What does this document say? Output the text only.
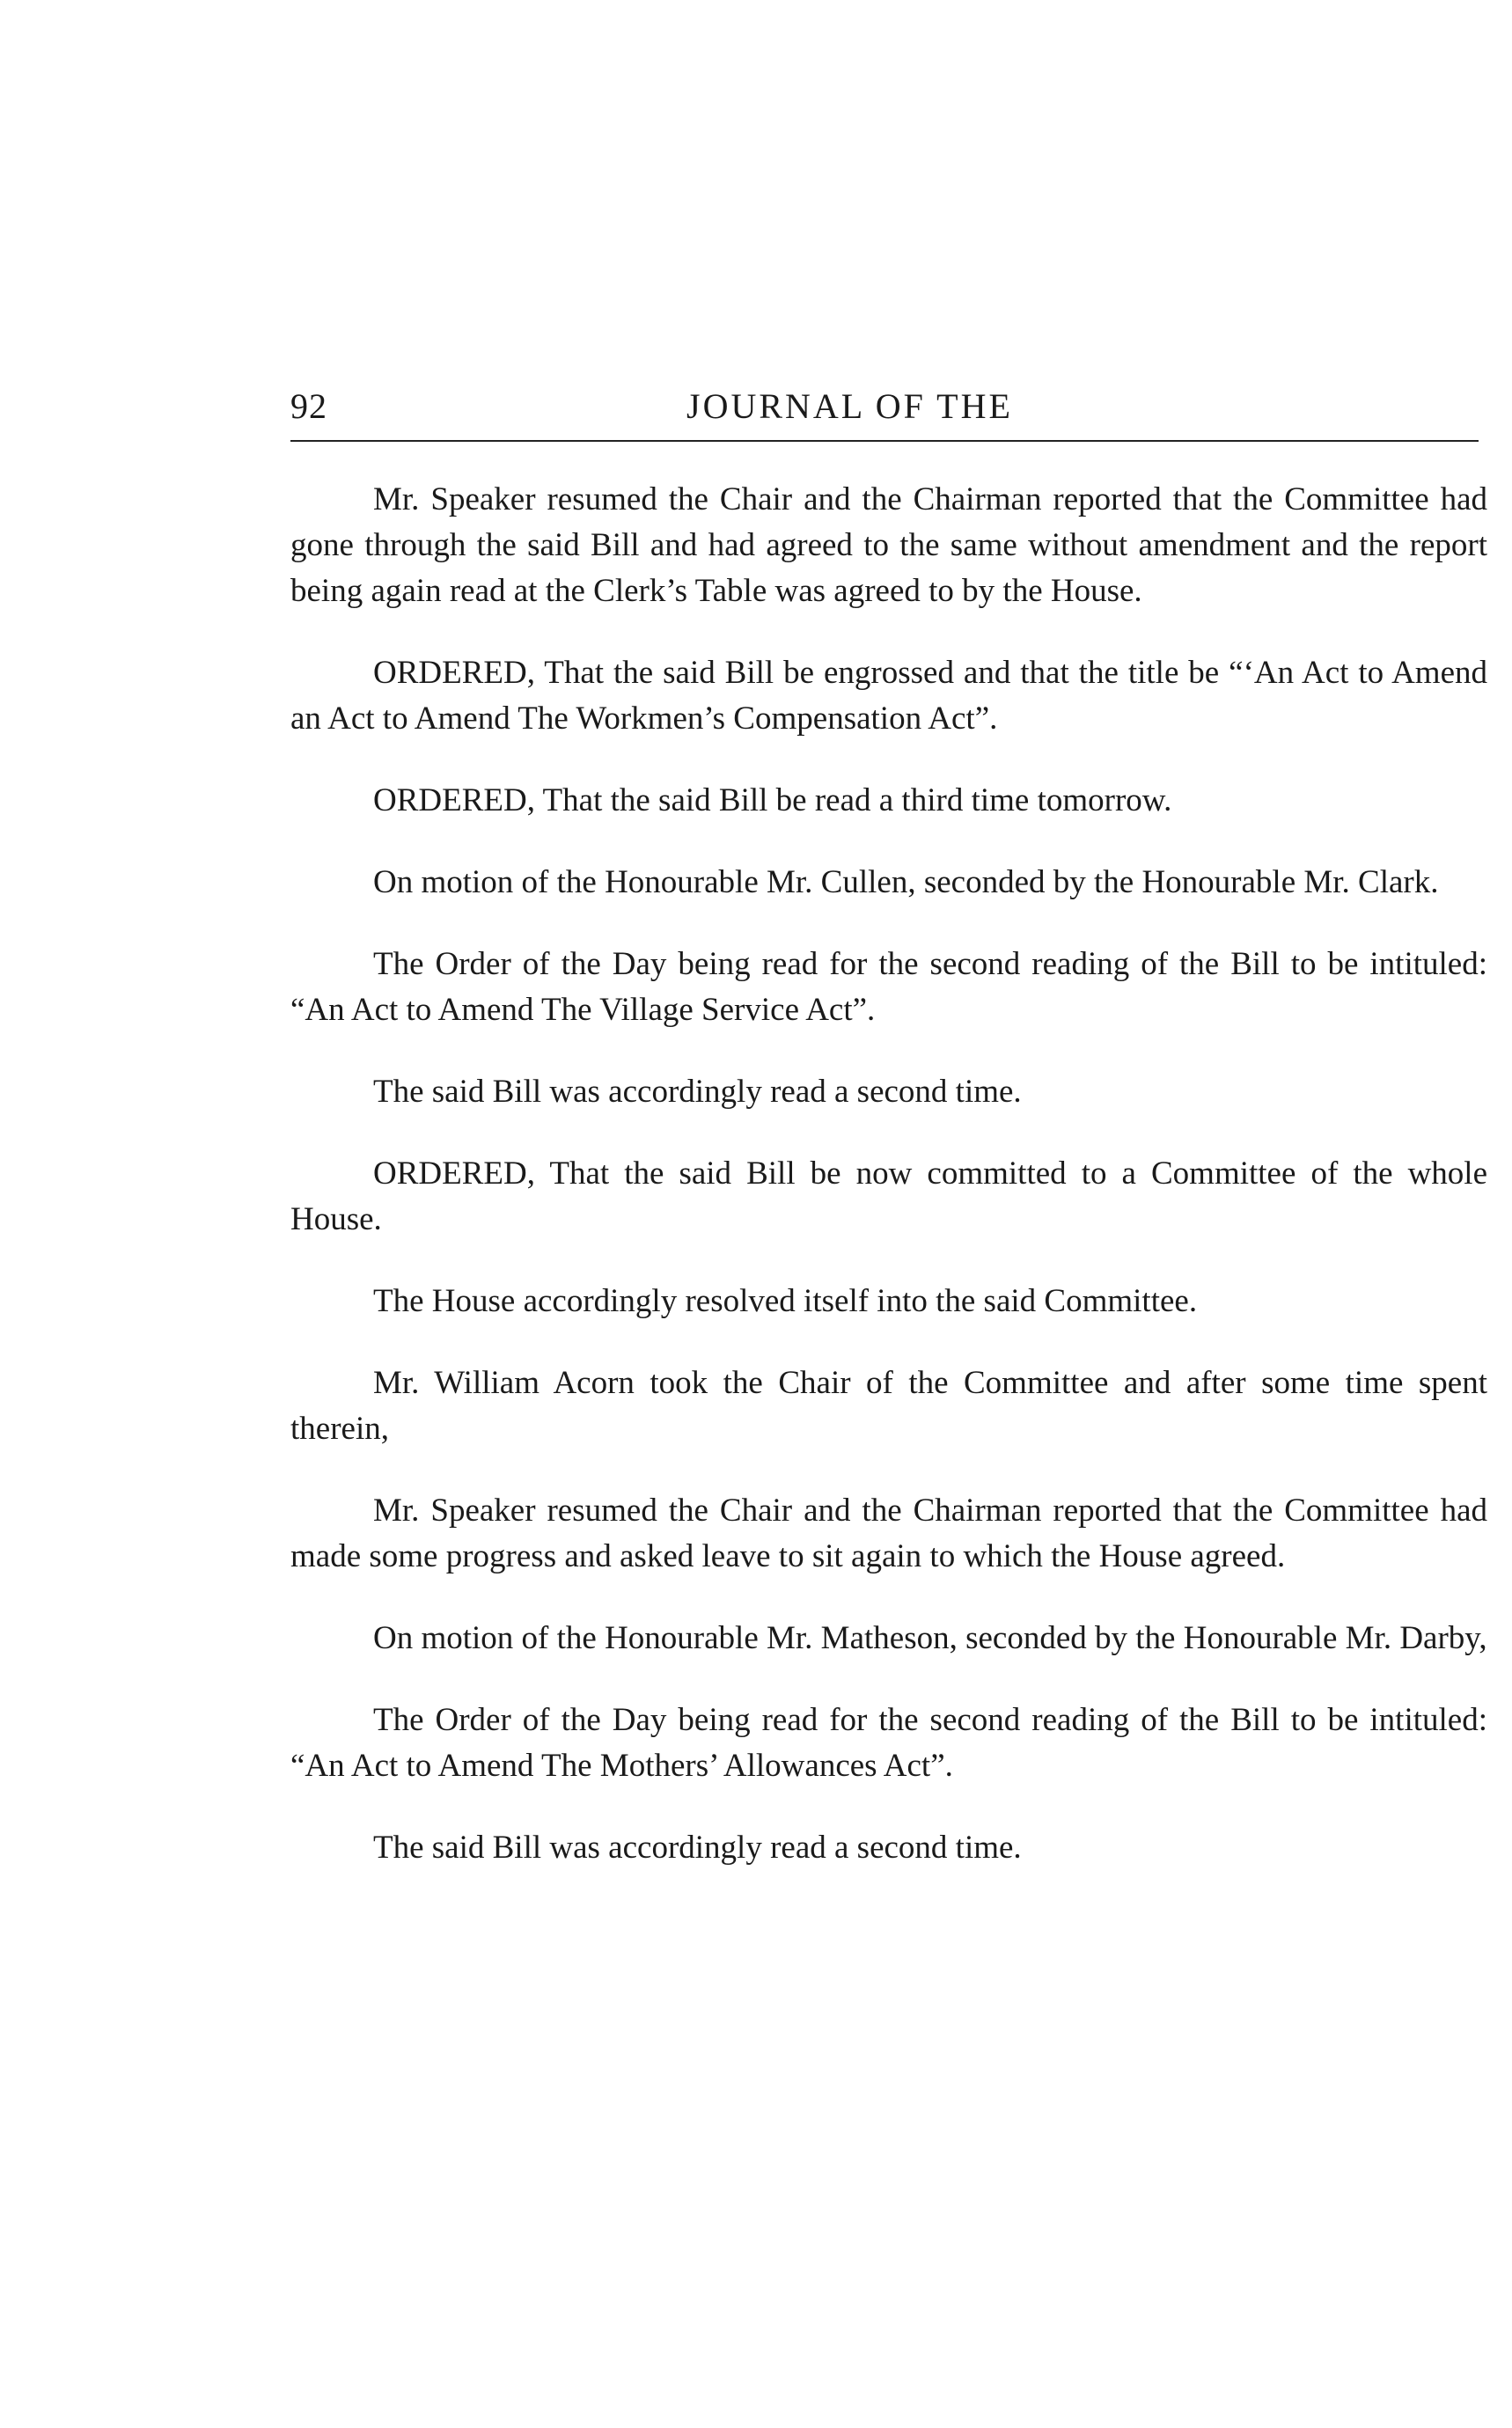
92	JOURNAL OF THE

Mr. Speaker resumed the Chair and the Chairman reported that the Committee had gone through the said Bill and had agreed to the same without amendment and the report being again read at the Clerk’s Table was agreed to by the House.

ORDERED, That the said Bill be engrossed and that the title be “‘An Act to Amend an Act to Amend The Workmen’s Compensation Act”.

ORDERED, That the said Bill be read a third time tomorrow.

On motion of the Honourable Mr. Cullen, seconded by the Honourable Mr. Clark.

The Order of the Day being read for the second reading of the Bill to be intituled: “An Act to Amend The Village Service Act”.

The said Bill was accordingly read a second time.

ORDERED, That the said Bill be now committed to a Committee of the whole House.

The House accordingly resolved itself into the said Committee.

Mr. William Acorn took the Chair of the Committee and after some time spent therein,

Mr. Speaker resumed the Chair and the Chairman reported that the Committee had made some progress and asked leave to sit again to which the House agreed.

On motion of the Honourable Mr. Matheson, seconded by the Honourable Mr. Darby,

The Order of the Day being read for the second reading of the Bill to be intituled: “An Act to Amend The Mothers’ Allowances Act”.

The said Bill was accordingly read a second time.
